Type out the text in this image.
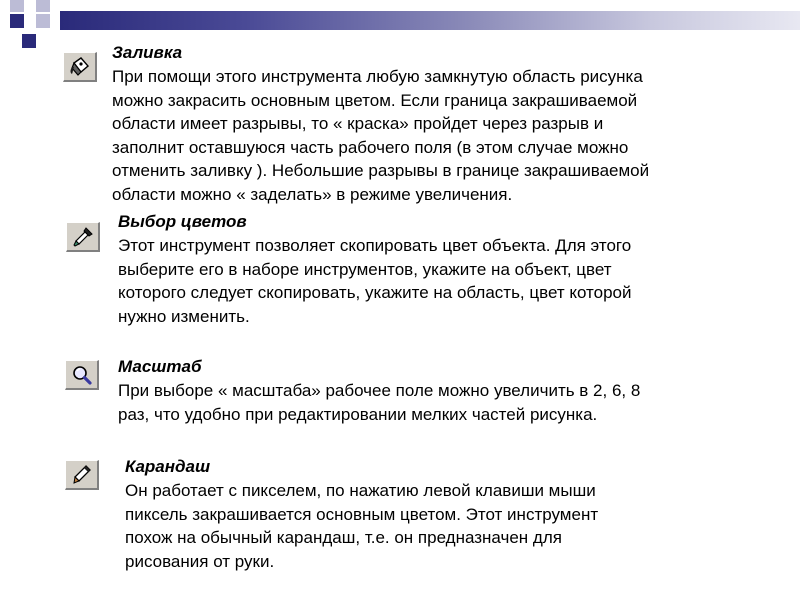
Заливка
При помощи этого инструмента любую замкнутую область рисунка
можно закрасить основным цветом. Если граница закрашиваемой
области имеет разрывы, то « краска» пройдет через разрыв и
заполнит оставшуюся часть рабочего поля (в этом случае можно
отменить заливку ). Небольшие разрывы в границе закрашиваемой
области можно « заделать» в режиме увеличения.
Выбор цветов
Этот инструмент позволяет скопировать цвет объекта. Для этого
выберите его в наборе инструментов, укажите на объект, цвет
которого следует скопировать, укажите на область, цвет которой
нужно изменить.
Масштаб
При выборе « масштаба» рабочее поле можно увеличить в 2, 6, 8
раз, что удобно при редактировании мелких частей рисунка.
Карандаш
Он работает с пикселем, по нажатию левой клавиши мыши
пиксель закрашивается основным цветом. Этот инструмент
похож на обычный карандаш, т.е. он предназначен для
рисования от руки.
